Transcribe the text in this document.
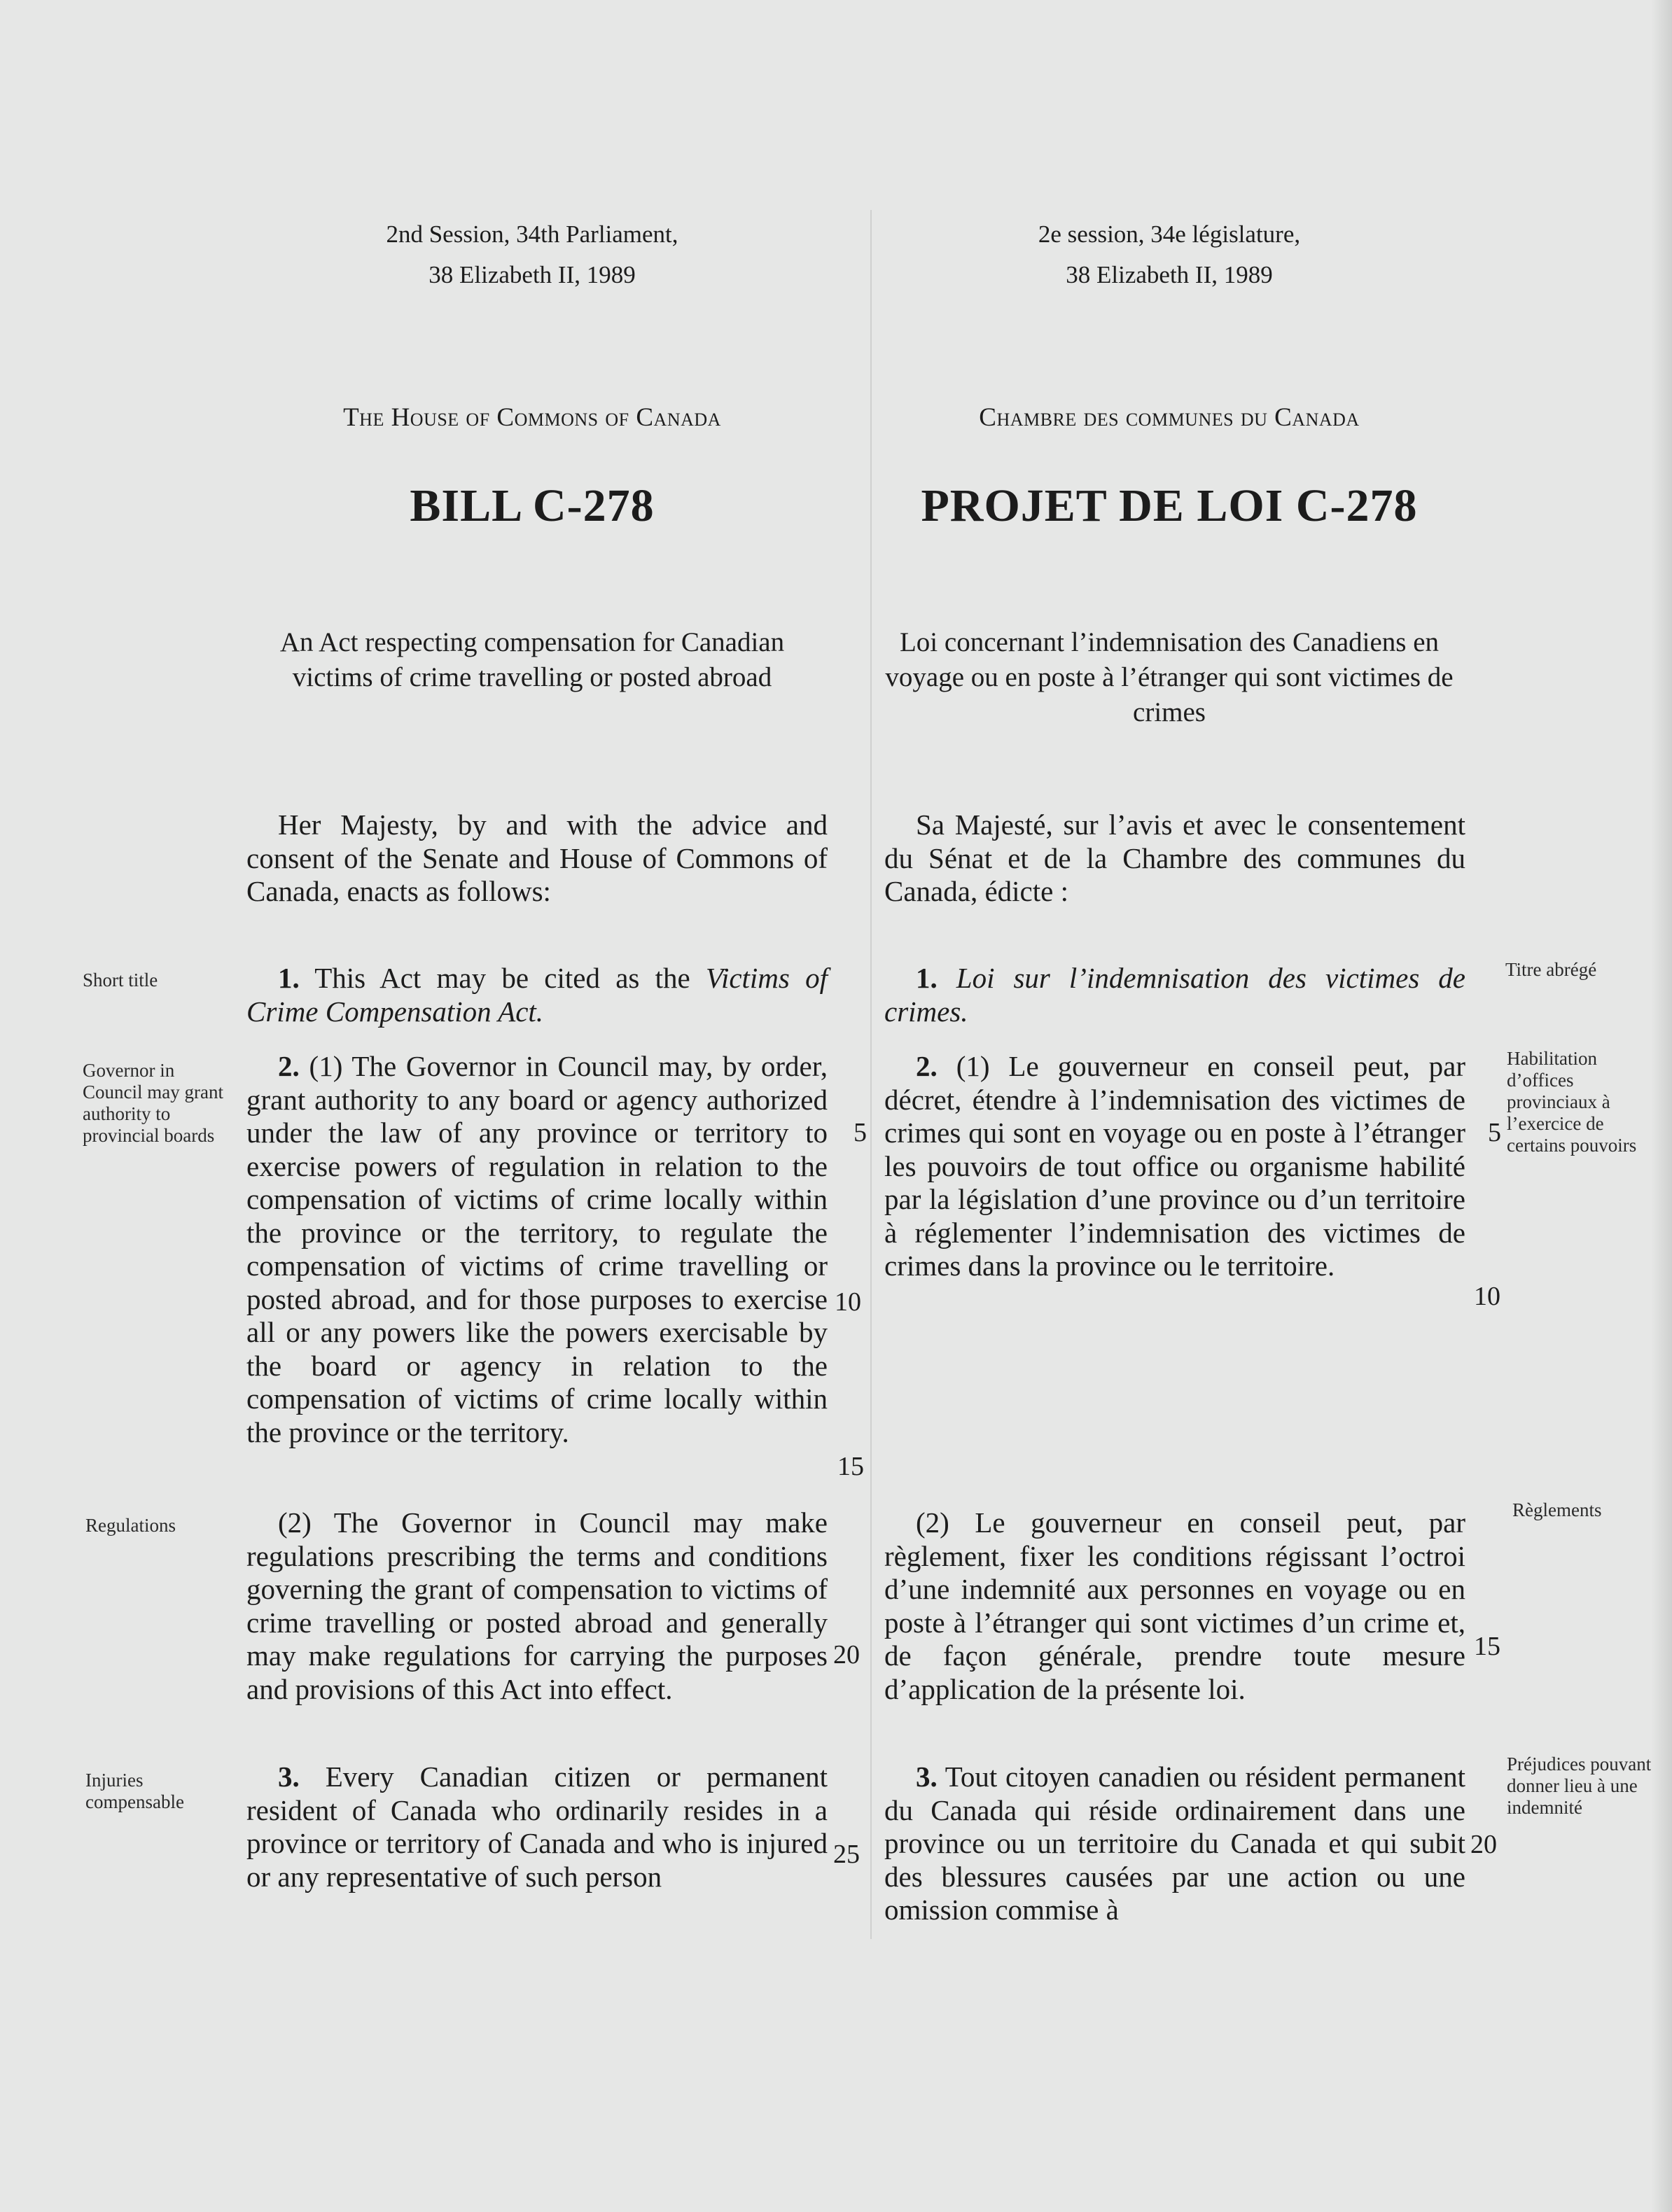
2nd Session, 34th Parliament,
38 Elizabeth II, 1989
The House of Commons of Canada
BILL C-278
An Act respecting compensation for Canadian victims of crime travelling or posted abroad
2e session, 34e législature,
38 Elizabeth II, 1989
Chambre des communes du Canada
PROJET DE LOI C-278
Loi concernant l’indemnisation des Canadiens en voyage ou en poste à l’étranger qui sont victimes de crimes

Her Majesty, by and with the advice and consent of the Senate and House of Commons of Canada, enacts as follows:

Sa Majesté, sur l’avis et avec le consentement du Sénat et de la Chambre des communes du Canada, édicte :

Short title	1. This Act may be cited as the Victims of Crime Compensation Act.

1. Loi sur l’indemnisation des victimes de crimes.

Titre abrégé
Governor in Council may grant authority to provincial boards

2. (1) The Governor in Council may, by order, grant authority to any board or agency authorized under the law of any province or territory to exercise powers of regulation in relation to the compensation of victims of crime locally within the province or the territory, to regulate the compensation of victims of crime travelling or posted abroad, and for those purposes to exercise all or any powers like the powers exercisable by the board or agency in relation to the compensation of victims of crime locally within the province or the territory.

2. (1) Le gouverneur en conseil peut, par décret, étendre à l’indemnisation des victimes de crimes qui sont en voyage ou en poste à l’étranger les pouvoirs de tout office ou organisme habilité par la législation d’une province ou d’un territoire à réglementer l’indemnisation des victimes de crimes dans la province ou le territoire.

Habilitation d’offices provinciaux à l’exercice de certains pouvoirs
Regulations	(2) The Governor in Council may make regulations prescribing the terms and conditions governing the grant of compensation to victims of crime travelling or posted abroad and generally may make regulations for carrying the purposes and provisions of this Act into effect.

(2) Le gouverneur en conseil peut, par règlement, fixer les conditions régissant l’octroi d’une indemnité aux personnes en voyage ou en poste à l’étranger qui sont victimes d’un crime et, de façon générale, prendre toute mesure d’application de la présente loi.

Règlements
Injuries compensable

3. Every Canadian citizen or permanent resident of Canada who ordinarily resides in a province or territory of Canada and who is injured or any representative of such person

3. Tout citoyen canadien ou résident permanent du Canada qui réside ordinairement dans une province ou un territoire du Canada et qui subit des blessures causées par une action ou une omission commise à

Préjudices pouvant donner lieu à une indemnité
5
10
15
20
25
5
10
15
20
